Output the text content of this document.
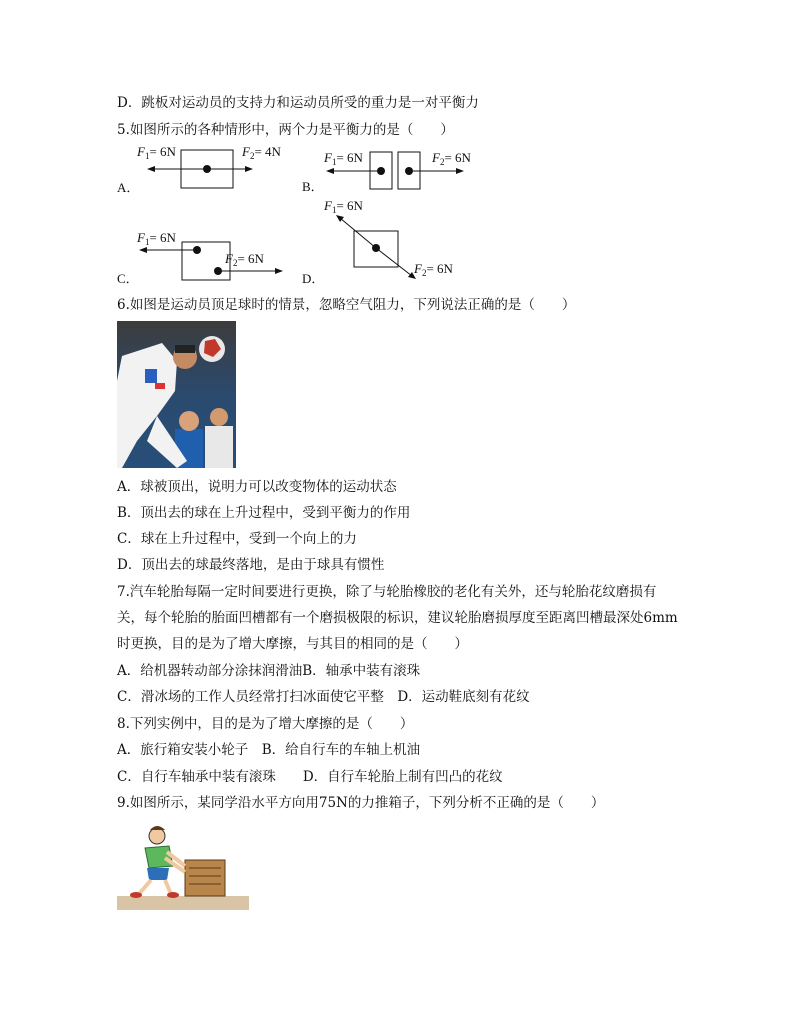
D．跳板对运动员的支持力和运动员所受的重力是一对平衡力
5.如图所示的各种情形中，两个力是平衡力的是（　　）
A．
$F_1= 6N$	$F_2= 4N$
B．
$F_1= 6N$	$F_2= 6N$
C．
$F_1= 6N$
$F_2= 6N$
D．
$F_1= 6N$
$F_2= 6N$
6.如图是运动员顶足球时的情景，忽略空气阻力，下列说法正确的是（　　）
A．球被顶出，说明力可以改变物体的运动状态
B．顶出去的球在上升过程中，受到平衡力的作用
C．球在上升过程中，受到一个向上的力
D．顶出去的球最终落地，是由于球具有惯性
7.汽车轮胎每隔一定时间要进行更换，除了与轮胎橡胶的老化有关外，还与轮胎花纹磨损有
关，每个轮胎的胎面凹槽都有一个磨损极限的标识，建议轮胎磨损厚度至距离凹槽最深处6mm
时更换，目的是为了增大摩擦，与其目的相同的是（　　）
A．给机器转动部分涂抹润滑油B．轴承中装有滚珠
C．滑冰场的工作人员经常打扫冰面使它平整　D．运动鞋底刻有花纹
8.下列实例中，目的是为了增大摩擦的是（　　）
A．旅行箱安装小轮子　B．给自行车的车轴上机油
C．自行车轴承中装有滚珠　　D．自行车轮胎上制有凹凸的花纹
9.如图所示，某同学沿水平方向用75N的力推箱子，下列分析不正确的是（　　）
